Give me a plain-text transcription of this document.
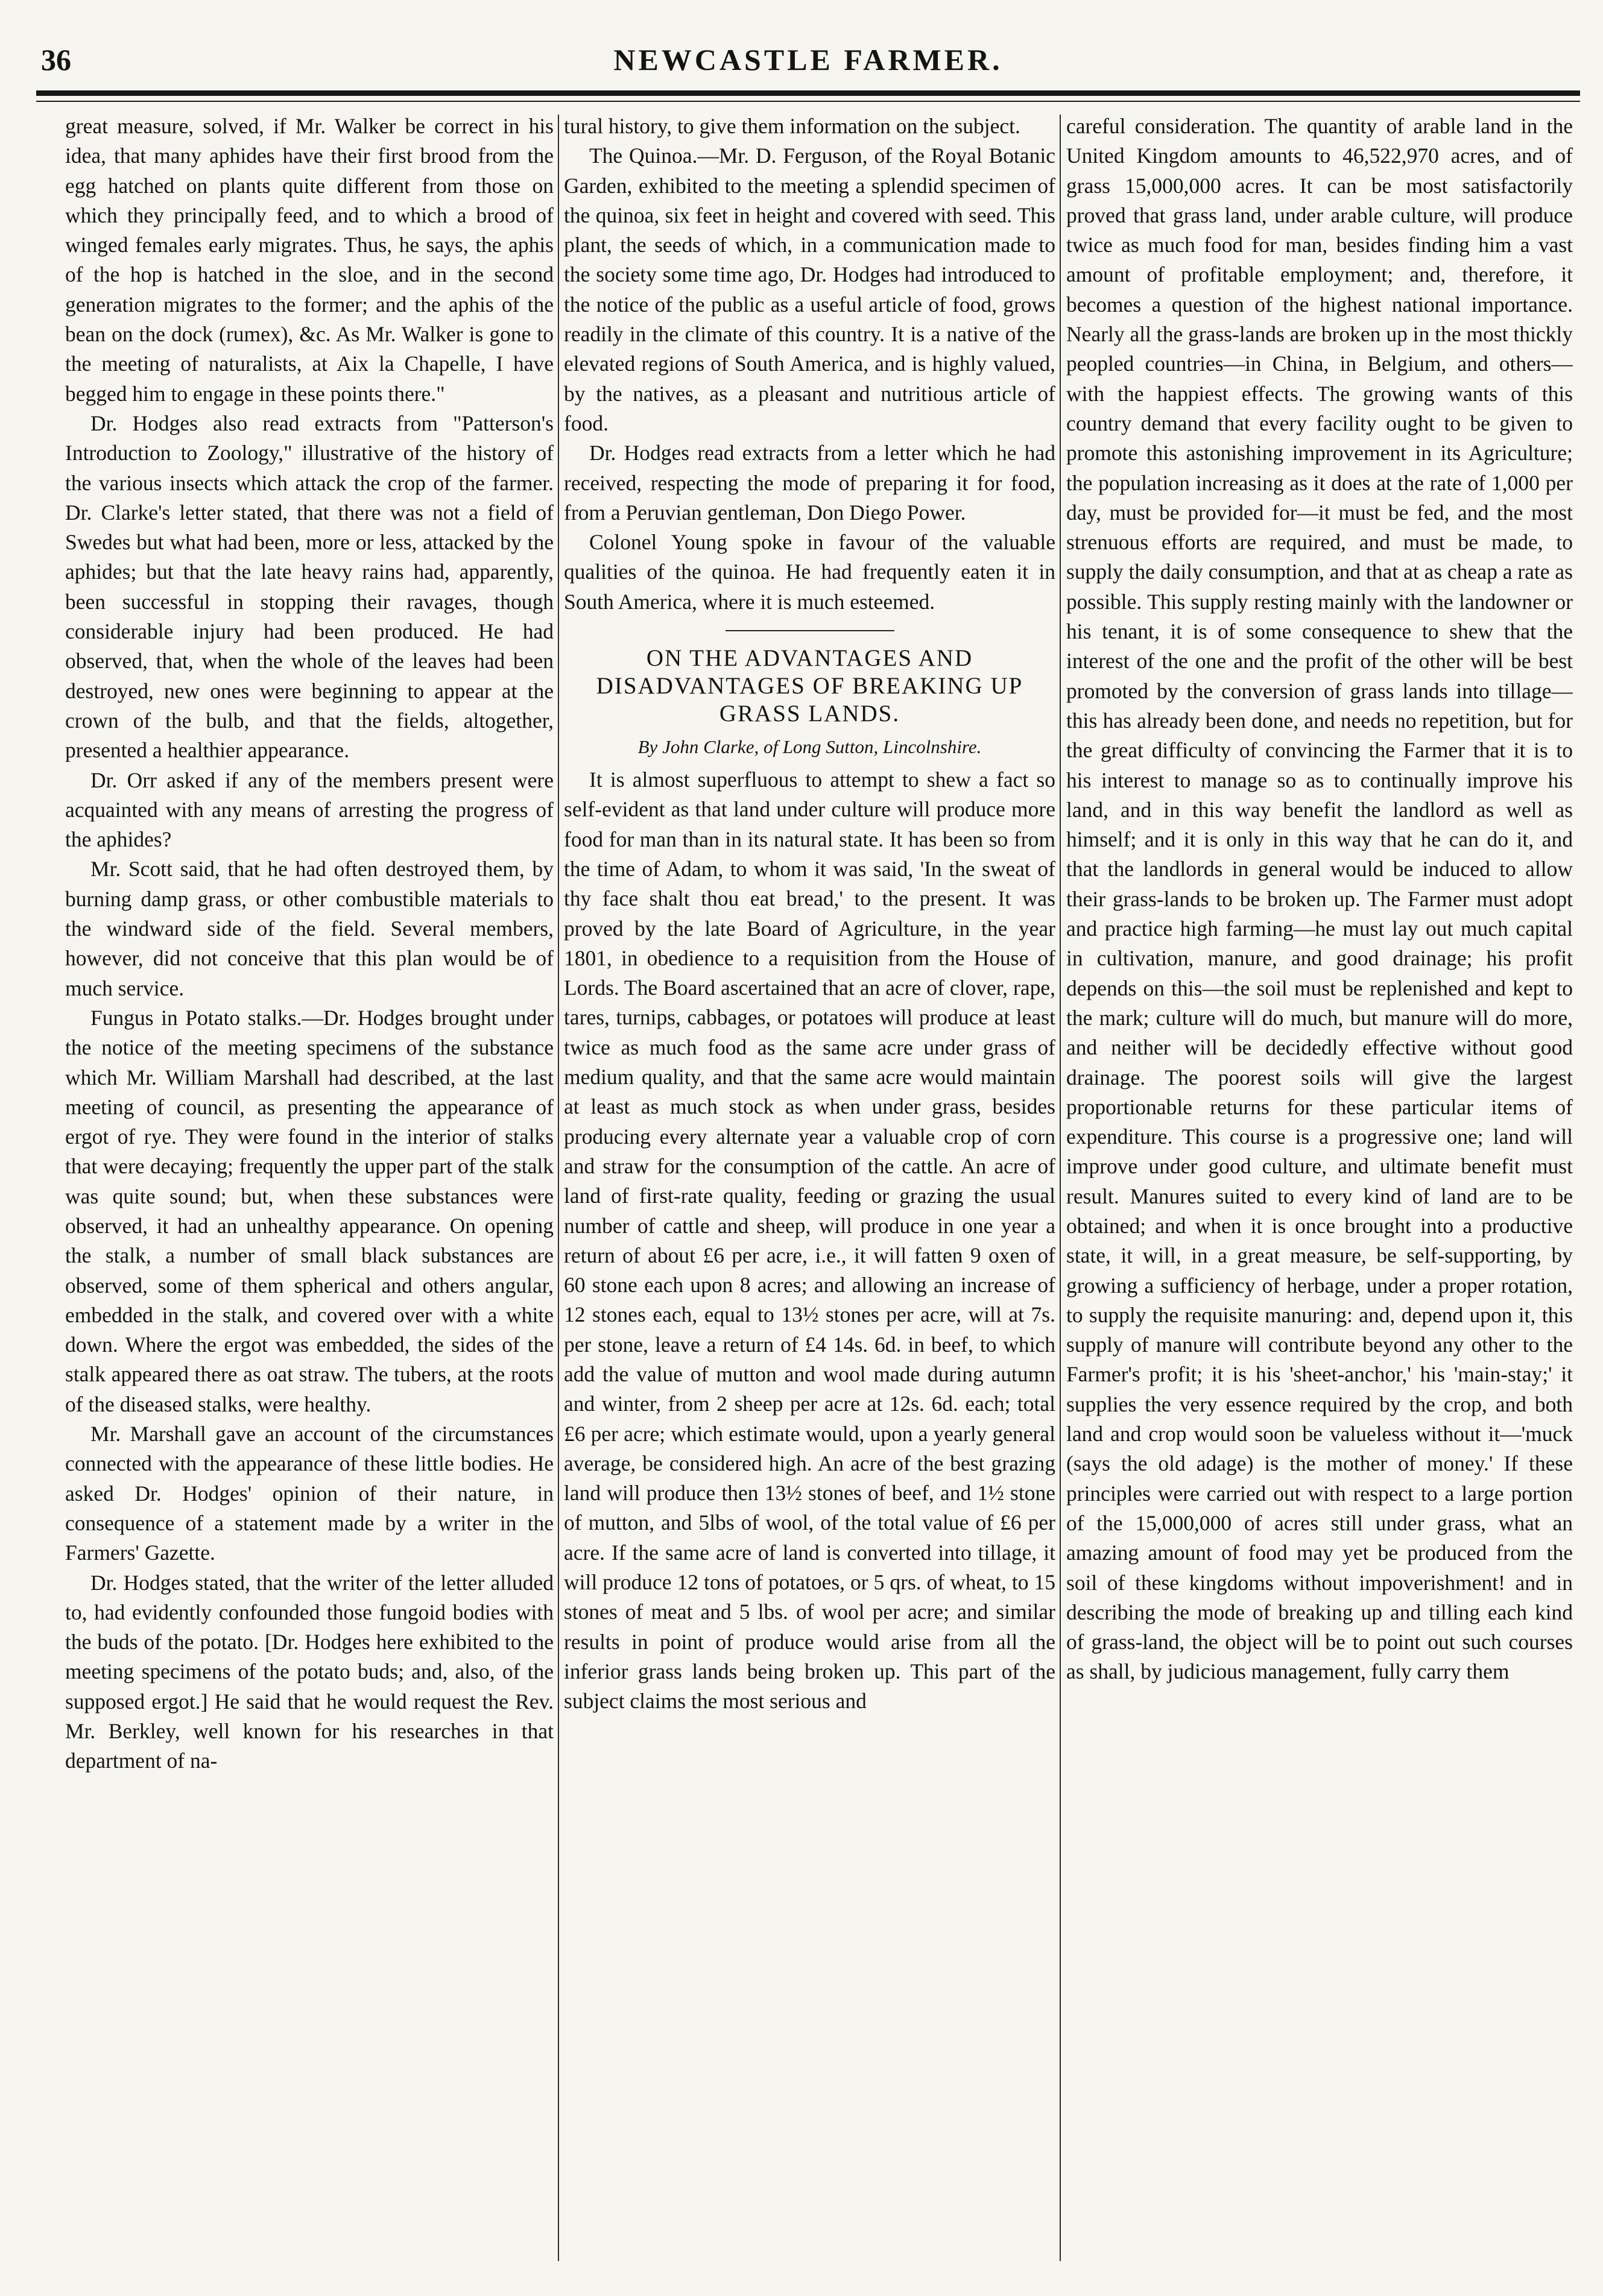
36	NEWCASTLE FARMER.

great measure, solved, if Mr. Walker be correct in his idea, that many aphides have their first brood from the egg hatched on plants quite different from those on which they principally feed, and to which a brood of winged females early migrates. Thus, he says, the aphis of the hop is hatched in the sloe, and in the second generation migrates to the former; and the aphis of the bean on the dock (rumex), &c. As Mr. Walker is gone to the meeting of naturalists, at Aix la Chapelle, I have begged him to engage in these points there."

Dr. Hodges also read extracts from "Patterson's Introduction to Zoology," illustrative of the history of the various insects which attack the crop of the farmer. Dr. Clarke's letter stated, that there was not a field of Swedes but what had been, more or less, attacked by the aphides; but that the late heavy rains had, apparently, been successful in stopping their ravages, though considerable injury had been produced. He had observed, that, when the whole of the leaves had been destroyed, new ones were beginning to appear at the crown of the bulb, and that the fields, altogether, presented a healthier appearance.

Dr. Orr asked if any of the members present were acquainted with any means of arresting the progress of the aphides?

Mr. Scott said, that he had often destroyed them, by burning damp grass, or other combustible materials to the windward side of the field. Several members, however, did not conceive that this plan would be of much service.

Fungus in Potato stalks.—Dr. Hodges brought under the notice of the meeting specimens of the substance which Mr. William Marshall had described, at the last meeting of council, as presenting the appearance of ergot of rye. They were found in the interior of stalks that were decaying; frequently the upper part of the stalk was quite sound; but, when these substances were observed, it had an unhealthy appearance. On opening the stalk, a number of small black substances are observed, some of them spherical and others angular, embedded in the stalk, and covered over with a white down. Where the ergot was embedded, the sides of the stalk appeared there as oat straw. The tubers, at the roots of the diseased stalks, were healthy.

Mr. Marshall gave an account of the circumstances connected with the appearance of these little bodies. He asked Dr. Hodges' opinion of their nature, in consequence of a statement made by a writer in the Farmers' Gazette.

Dr. Hodges stated, that the writer of the letter alluded to, had evidently confounded those fungoid bodies with the buds of the potato. [Dr. Hodges here exhibited to the meeting specimens of the potato buds; and, also, of the supposed ergot.] He said that he would request the Rev. Mr. Berkley, well known for his researches in that department of na-

tural history, to give them information on the subject.

The Quinoa.—Mr. D. Ferguson, of the Royal Botanic Garden, exhibited to the meeting a splendid specimen of the quinoa, six feet in height and covered with seed. This plant, the seeds of which, in a communication made to the society some time ago, Dr. Hodges had introduced to the notice of the public as a useful article of food, grows readily in the climate of this country. It is a native of the elevated regions of South America, and is highly valued, by the natives, as a pleasant and nutritious article of food.

Dr. Hodges read extracts from a letter which he had received, respecting the mode of preparing it for food, from a Peruvian gentleman, Don Diego Power.

Colonel Young spoke in favour of the valuable qualities of the quinoa. He had frequently eaten it in South America, where it is much esteemed.

ON THE ADVANTAGES AND DISADVANTAGES OF BREAKING UP GRASS LANDS.
By John Clarke, of Long Sutton, Lincolnshire.

It is almost superfluous to attempt to shew a fact so self-evident as that land under culture will produce more food for man than in its natural state. It has been so from the time of Adam, to whom it was said, 'In the sweat of thy face shalt thou eat bread,' to the present. It was proved by the late Board of Agriculture, in the year 1801, in obedience to a requisition from the House of Lords. The Board ascertained that an acre of clover, rape, tares, turnips, cabbages, or potatoes will produce at least twice as much food as the same acre under grass of medium quality, and that the same acre would maintain at least as much stock as when under grass, besides producing every alternate year a valuable crop of corn and straw for the consumption of the cattle. An acre of land of first-rate quality, feeding or grazing the usual number of cattle and sheep, will produce in one year a return of about £6 per acre, i.e., it will fatten 9 oxen of 60 stone each upon 8 acres; and allowing an increase of 12 stones each, equal to 13½ stones per acre, will at 7s. per stone, leave a return of £4 14s. 6d. in beef, to which add the value of mutton and wool made during autumn and winter, from 2 sheep per acre at 12s. 6d. each; total £6 per acre; which estimate would, upon a yearly general average, be considered high. An acre of the best grazing land will produce then 13½ stones of beef, and 1½ stone of mutton, and 5lbs of wool, of the total value of £6 per acre. If the same acre of land is converted into tillage, it will produce 12 tons of potatoes, or 5 qrs. of wheat, to 15 stones of meat and 5 lbs. of wool per acre; and similar results in point of produce would arise from all the inferior grass lands being broken up. This part of the subject claims the most serious and

careful consideration. The quantity of arable land in the United Kingdom amounts to 46,522,970 acres, and of grass 15,000,000 acres. It can be most satisfactorily proved that grass land, under arable culture, will produce twice as much food for man, besides finding him a vast amount of profitable employment; and, therefore, it becomes a question of the highest national importance. Nearly all the grass-lands are broken up in the most thickly peopled countries—in China, in Belgium, and others—with the happiest effects. The growing wants of this country demand that every facility ought to be given to promote this astonishing improvement in its Agriculture; the population increasing as it does at the rate of 1,000 per day, must be provided for—it must be fed, and the most strenuous efforts are required, and must be made, to supply the daily consumption, and that at as cheap a rate as possible. This supply resting mainly with the landowner or his tenant, it is of some consequence to shew that the interest of the one and the profit of the other will be best promoted by the conversion of grass lands into tillage—this has already been done, and needs no repetition, but for the great difficulty of convincing the Farmer that it is to his interest to manage so as to continually improve his land, and in this way benefit the landlord as well as himself; and it is only in this way that he can do it, and that the landlords in general would be induced to allow their grass-lands to be broken up. The Farmer must adopt and practice high farming—he must lay out much capital in cultivation, manure, and good drainage; his profit depends on this—the soil must be replenished and kept to the mark; culture will do much, but manure will do more, and neither will be decidedly effective without good drainage. The poorest soils will give the largest proportionable returns for these particular items of expenditure. This course is a progressive one; land will improve under good culture, and ultimate benefit must result. Manures suited to every kind of land are to be obtained; and when it is once brought into a productive state, it will, in a great measure, be self-supporting, by growing a sufficiency of herbage, under a proper rotation, to supply the requisite manuring: and, depend upon it, this supply of manure will contribute beyond any other to the Farmer's profit; it is his 'sheet-anchor,' his 'main-stay;' it supplies the very essence required by the crop, and both land and crop would soon be valueless without it—'muck (says the old adage) is the mother of money.' If these principles were carried out with respect to a large portion of the 15,000,000 of acres still under grass, what an amazing amount of food may yet be produced from the soil of these kingdoms without impoverishment! and in describing the mode of breaking up and tilling each kind of grass-land, the object will be to point out such courses as shall, by judicious management, fully carry them
